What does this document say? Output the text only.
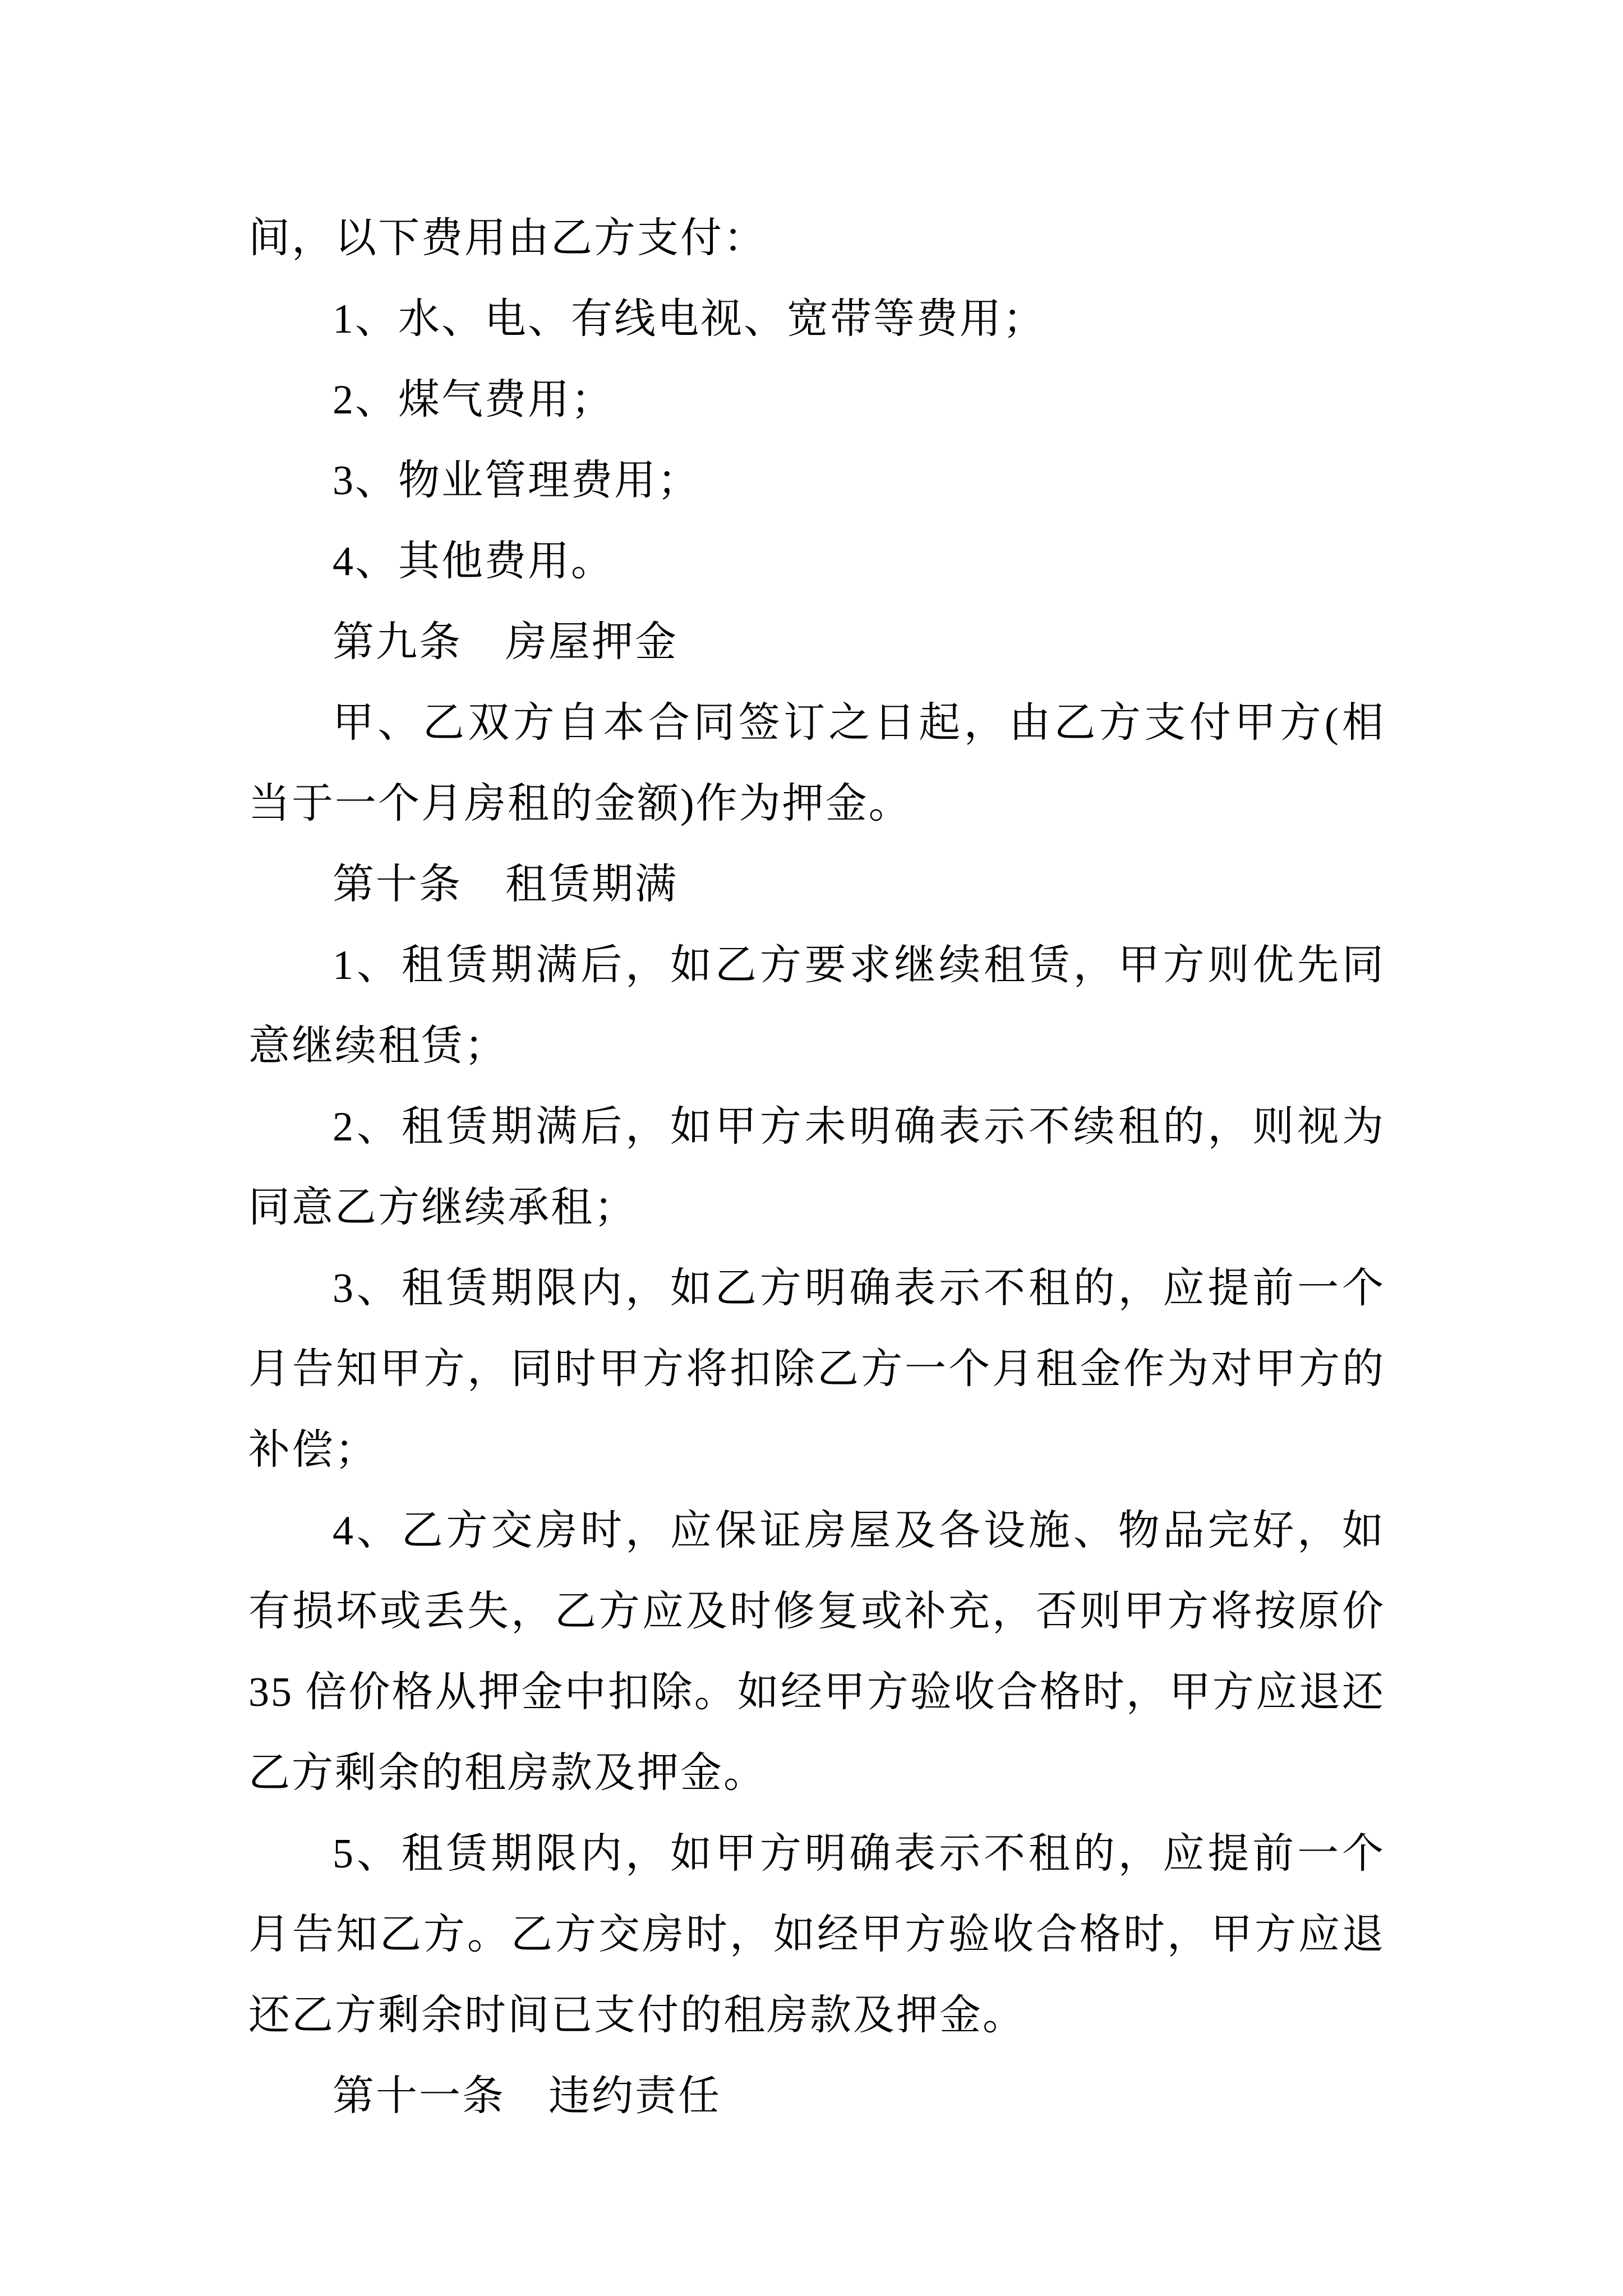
间，以下费用由乙方支付：
1、水、电、有线电视、宽带等费用；
2、煤气费用；
3、物业管理费用；
4、其他费用。
第九条　房屋押金
甲、乙双方自本合同签订之日起，由乙方支付甲方(相
当于一个月房租的金额)作为押金。
第十条　租赁期满
1、租赁期满后，如乙方要求继续租赁，甲方则优先同
意继续租赁；
2、租赁期满后，如甲方未明确表示不续租的，则视为
同意乙方继续承租；
3、租赁期限内，如乙方明确表示不租的，应提前一个
月告知甲方，同时甲方将扣除乙方一个月租金作为对甲方的
补偿；
4、乙方交房时，应保证房屋及各设施、物品完好，如
有损坏或丢失，乙方应及时修复或补充，否则甲方将按原价
35 倍价格从押金中扣除。如经甲方验收合格时，甲方应退还
乙方剩余的租房款及押金。
5、租赁期限内，如甲方明确表示不租的，应提前一个
月告知乙方。乙方交房时，如经甲方验收合格时，甲方应退
还乙方剩余时间已支付的租房款及押金。
第十一条　违约责任
